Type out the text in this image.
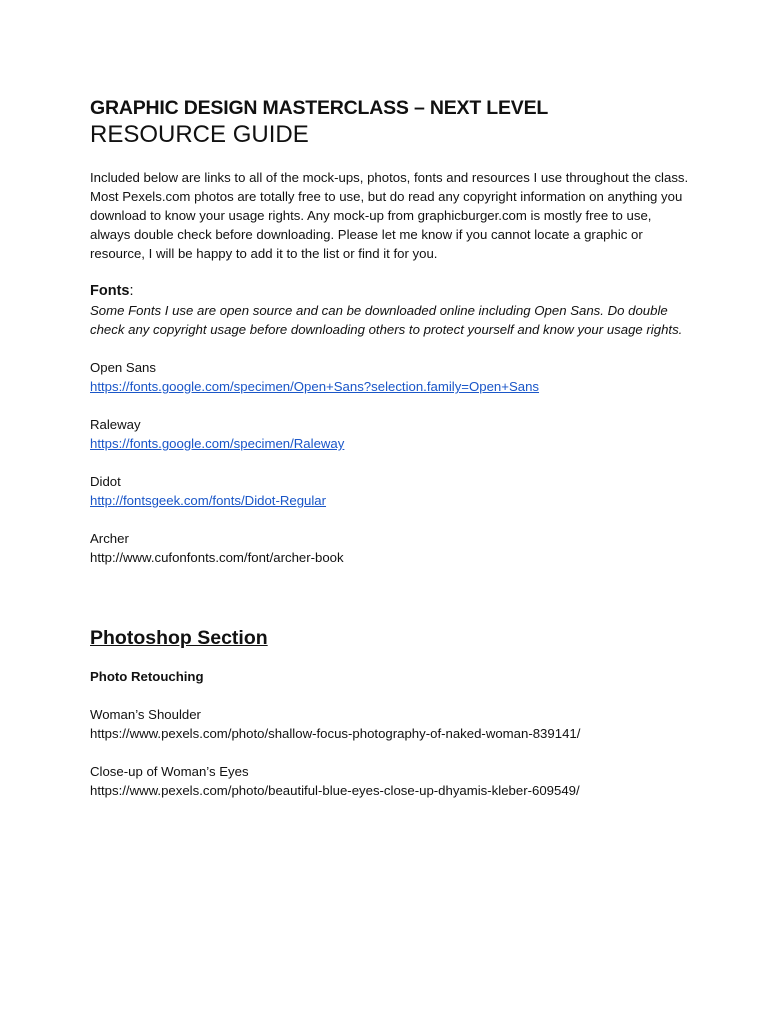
GRAPHIC DESIGN MASTERCLASS – NEXT LEVEL
RESOURCE GUIDE

Included below are links to all of the mock-ups, photos, fonts and resources I use throughout the class. Most Pexels.com photos are totally free to use, but do read any copyright information on anything you download to know your usage rights. Any mock-up from graphicburger.com is mostly free to use, always double check before downloading. Please let me know if you cannot locate a graphic or resource, I will be happy to add it to the list or find it for you.

Fonts:

Some Fonts I use are open source and can be downloaded online including Open Sans. Do double check any copyright usage before downloading others to protect yourself and know your usage rights.

Open Sans
https://fonts.google.com/specimen/Open+Sans?selection.family=Open+Sans
Raleway
https://fonts.google.com/specimen/Raleway
Didot
http://fontsgeek.com/fonts/Didot-Regular
Archer
http://www.cufonfonts.com/font/archer-book
Photoshop Section
Photo Retouching
Woman’s Shoulder
https://www.pexels.com/photo/shallow-focus-photography-of-naked-woman-839141/
Close-up of Woman’s Eyes
https://www.pexels.com/photo/beautiful-blue-eyes-close-up-dhyamis-kleber-609549/
